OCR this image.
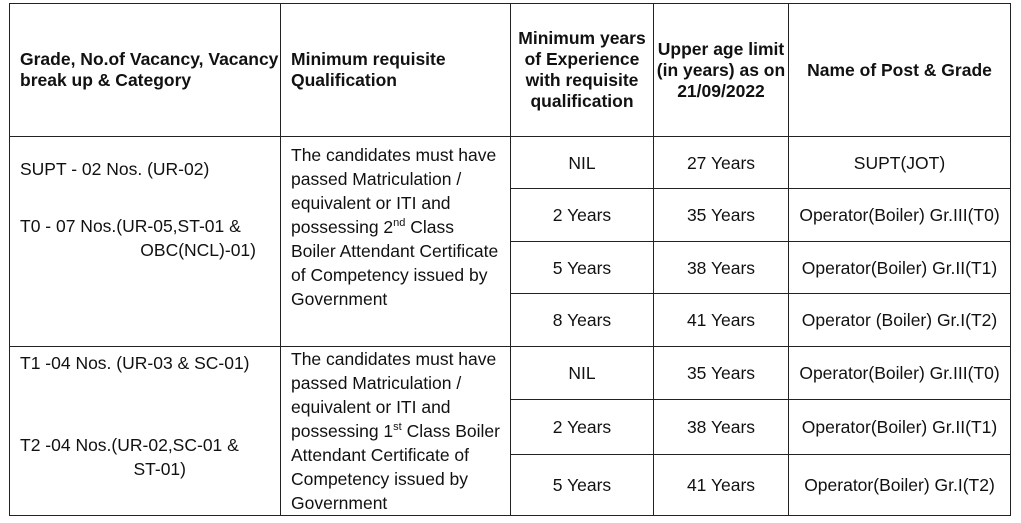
Grade, No.of Vacancy, Vacancy break up & Category	Minimum requisite Qualification	Minimum years of Experience with requisite qualification	Upper age limit (in years) as on 21/09/2022	Name of Post & Grade

SUPT - 02 Nos. (UR-02)
T0 - 07 Nos.(UR-05,ST-01 &
OBC(NCL)-01)	The candidates must have passed Matriculation / equivalent or ITI and possessing 2nd Class Boiler Attendant Certificate of Competency issued by Government	NIL	27 Years	SUPT(JOT)
		2 Years	35 Years	Operator(Boiler) Gr.III(T0)
		5 Years	38 Years	Operator(Boiler) Gr.II(T1)
		8 Years	41 Years	Operator (Boiler) Gr.I(T2)

T1 -04 Nos. (UR-03 & SC-01)
T2 -04 Nos.(UR-02,SC-01 &
ST-01)	The candidates must have passed Matriculation / equivalent or ITI and possessing 1st Class Boiler Attendant Certificate of Competency issued by Government	NIL	35 Years	Operator(Boiler) Gr.III(T0)
		2 Years	38 Years	Operator(Boiler) Gr.II(T1)
		5 Years	41 Years	Operator(Boiler) Gr.I(T2)
